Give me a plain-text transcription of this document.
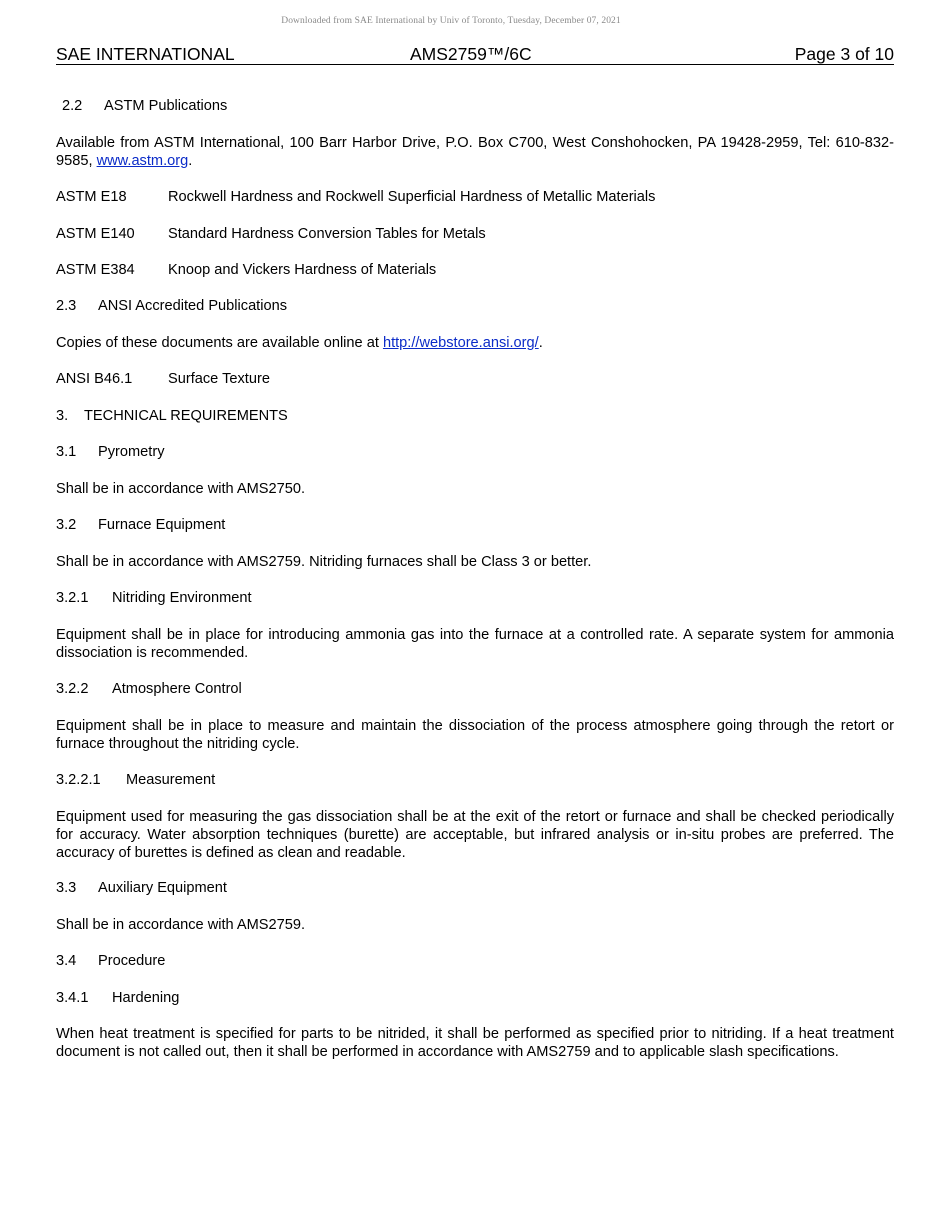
Downloaded from SAE International by Univ of Toronto, Tuesday, December 07, 2021
SAE INTERNATIONAL	AMS2759™/6C	Page 3 of 10
2.2 ASTM Publications
Available from ASTM International, 100 Barr Harbor Drive, P.O. Box C700, West Conshohocken, PA 19428-2959, Tel: 610-832-9585, www.astm.org.
ASTM E18	Rockwell Hardness and Rockwell Superficial Hardness of Metallic Materials
ASTM E140 Standard Hardness Conversion Tables for Metals
ASTM E384 Knoop and Vickers Hardness of Materials
2.3 ANSI Accredited Publications
Copies of these documents are available online at http://webstore.ansi.org/.
ANSI B46.1 Surface Texture
3. TECHNICAL REQUIREMENTS
3.1 Pyrometry
Shall be in accordance with AMS2750.
3.2 Furnace Equipment
Shall be in accordance with AMS2759. Nitriding furnaces shall be Class 3 or better.
3.2.1 Nitriding Environment
Equipment shall be in place for introducing ammonia gas into the furnace at a controlled rate. A separate system for ammonia dissociation is recommended.
3.2.2 Atmosphere Control
Equipment shall be in place to measure and maintain the dissociation of the process atmosphere going through the retort or furnace throughout the nitriding cycle.
3.2.2.1 Measurement
Equipment used for measuring the gas dissociation shall be at the exit of the retort or furnace and shall be checked periodically for accuracy. Water absorption techniques (burette) are acceptable, but infrared analysis or in-situ probes are preferred. The accuracy of burettes is defined as clean and readable.
3.3 Auxiliary Equipment
Shall be in accordance with AMS2759.
3.4 Procedure
3.4.1 Hardening
When heat treatment is specified for parts to be nitrided, it shall be performed as specified prior to nitriding. If a heat treatment document is not called out, then it shall be performed in accordance with AMS2759 and to applicable slash specifications.
